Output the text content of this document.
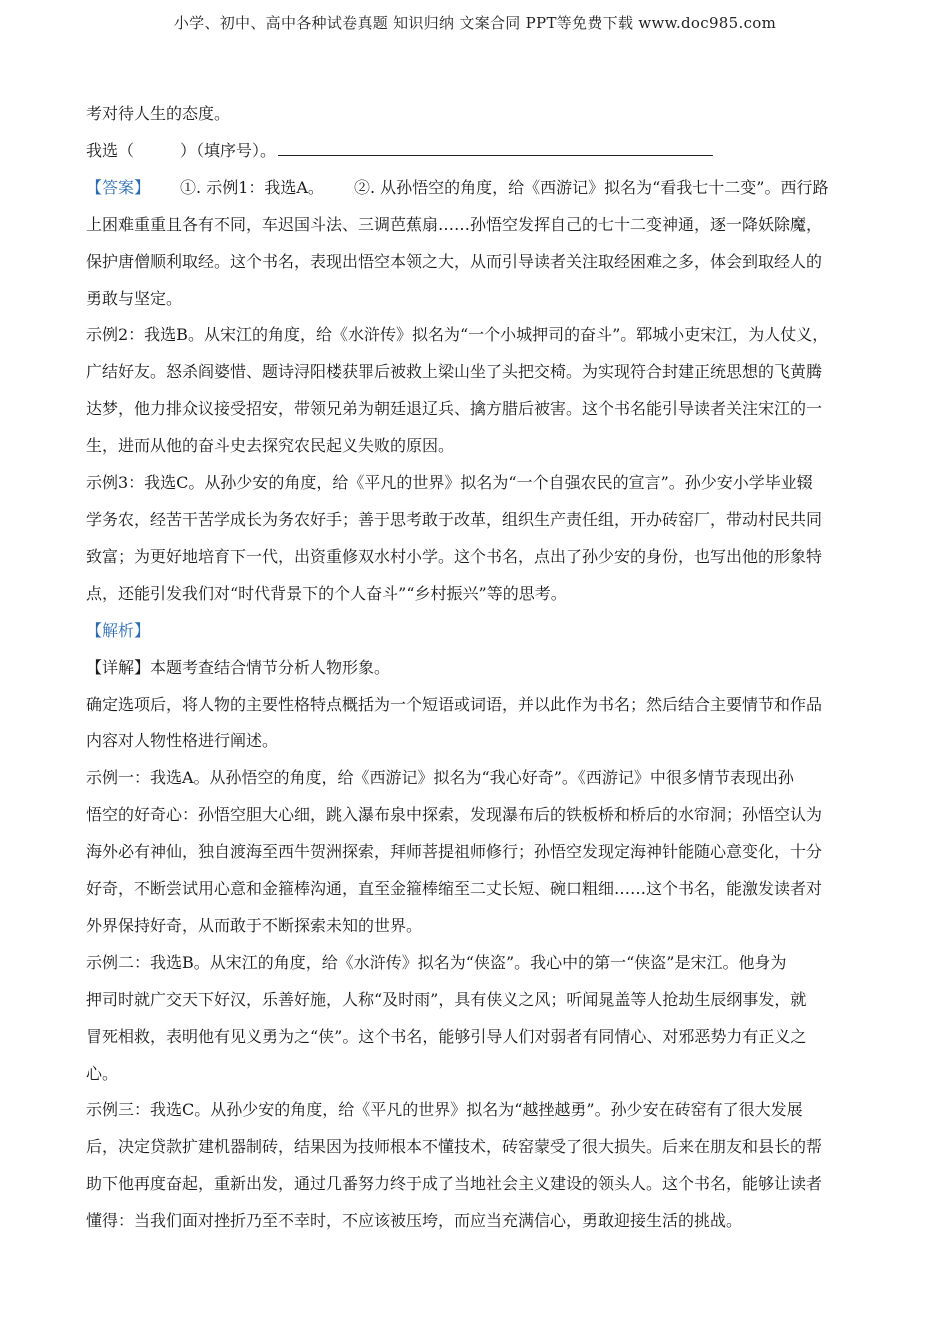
小学、初中、高中各种试卷真题 知识归纳 文案合同 PPT等免费下载 www.doc985.com

考对待人生的态度。

我选（	）（填序号）。

【答案】 ①. 示例1：我选A。 ②. 从孙悟空的角度，给《西游记》拟名为“看我七十二变”。西行路

上困难重重且各有不同，车迟国斗法、三调芭蕉扇……孙悟空发挥自己的七十二变神通，逐一降妖除魔，

保护唐僧顺利取经。这个书名，表现出悟空本领之大，从而引导读者关注取经困难之多，体会到取经人的

勇敢与坚定。

示例2：我选B。从宋江的角度，给《水浒传》拟名为“一个小城押司的奋斗”。郓城小吏宋江，为人仗义，

广结好友。怒杀阎婆惜、题诗浔阳楼获罪后被救上梁山坐了头把交椅。为实现符合封建正统思想的飞黄腾

达梦，他力排众议接受招安，带领兄弟为朝廷退辽兵、擒方腊后被害。这个书名能引导读者关注宋江的一

生，进而从他的奋斗史去探究农民起义失败的原因。

示例3：我选C。从孙少安的角度，给《平凡的世界》拟名为“一个自强农民的宣言”。孙少安小学毕业辍

学务农，经苦干苦学成长为务农好手；善于思考敢于改革，组织生产责任组，开办砖窑厂，带动村民共同

致富；为更好地培育下一代，出资重修双水村小学。这个书名，点出了孙少安的身份，也写出他的形象特

点，还能引发我们对“时代背景下的个人奋斗”“乡村振兴”等的思考。

【解析】

【详解】本题考查结合情节分析人物形象。

确定选项后，将人物的主要性格特点概括为一个短语或词语，并以此作为书名；然后结合主要情节和作品

内容对人物性格进行阐述。

示例一：我选A。从孙悟空的角度，给《西游记》拟名为“我心好奇”。《西游记》中很多情节表现出孙

悟空的好奇心：孙悟空胆大心细，跳入瀑布泉中探索，发现瀑布后的铁板桥和桥后的水帘洞；孙悟空认为

海外必有神仙，独自渡海至西牛贺洲探索，拜师菩提祖师修行；孙悟空发现定海神针能随心意变化，十分

好奇，不断尝试用心意和金箍棒沟通，直至金箍棒缩至二丈长短、碗口粗细……这个书名，能激发读者对

外界保持好奇，从而敢于不断探索未知的世界。

示例二：我选B。从宋江的角度，给《水浒传》拟名为“侠盗”。我心中的第一“侠盗”是宋江。他身为

押司时就广交天下好汉，乐善好施，人称“及时雨”，具有侠义之风；听闻晁盖等人抢劫生辰纲事发，就

冒死相救，表明他有见义勇为之“侠”。这个书名，能够引导人们对弱者有同情心、对邪恶势力有正义之

心。

示例三：我选C。从孙少安的角度，给《平凡的世界》拟名为“越挫越勇”。孙少安在砖窑有了很大发展

后，决定贷款扩建机器制砖，结果因为技师根本不懂技术，砖窑蒙受了很大损失。后来在朋友和县长的帮

助下他再度奋起，重新出发，通过几番努力终于成了当地社会主义建设的领头人。这个书名，能够让读者

懂得：当我们面对挫折乃至不幸时，不应该被压垮，而应当充满信心，勇敢迎接生活的挑战。
